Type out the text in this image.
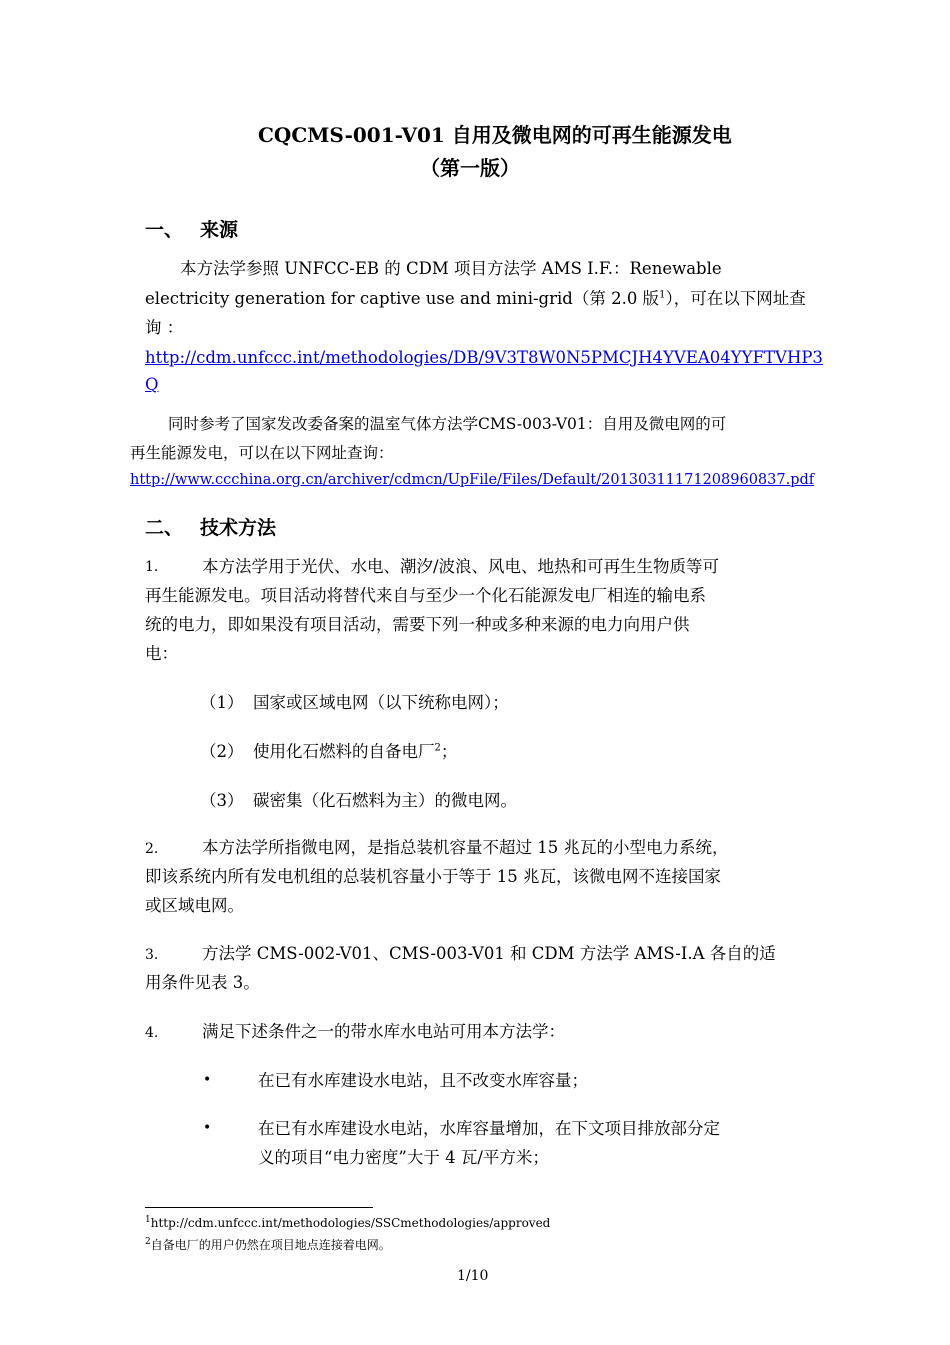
CQCMS-001-V01 自用及微电网的可再生能源发电
（第一版）
一、 来源
本方法学参照 UNFCC-EB 的 CDM 项目方法学 AMS I.F.：Renewable
electricity generation for captive use and mini-grid（第 2.0 版$^1$），可在以下网址查
询 ：
http://cdm.unfccc.int/methodologies/DB/9V3T8W0N5PMCJH4YVEA04YYFTVHP3
Q
同时参考了国家发改委备案的温室气体方法学CMS-003-V01：自用及微电网的可
再生能源发电，可以在以下网址查询：
http://www.ccchina.org.cn/archiver/cdmcn/UpFile/Files/Default/20130311171208960837.pdf
二、 技术方法
1.	本方法学用于光伏、水电、潮汐/波浪、风电、地热和可再生生物质等可
再生能源发电。项目活动将替代来自与至少一个化石能源发电厂相连的输电系
统的电力，即如果没有项目活动，需要下列一种或多种来源的电力向用户供
电：
（1） 国家或区域电网（以下统称电网）；
（2） 使用化石燃料的自备电厂$^2$；
（3） 碳密集（化石燃料为主）的微电网。
2.	本方法学所指微电网，是指总装机容量不超过 15 兆瓦的小型电力系统，
即该系统内所有发电机组的总装机容量小于等于 15 兆瓦，该微电网不连接国家
或区域电网。
3.	方法学 CMS-002-V01、CMS-003-V01 和 CDM 方法学 AMS-I.A 各自的适
用条件见表 3。
4.	满足下述条件之一的带水库水电站可用本方法学：
•	在已有水库建设水电站，且不改变水库容量；
•	在已有水库建设水电站，水库容量增加，在下文项目排放部分定
义的项目“电力密度”大于 4 瓦/平方米；
$^1$http://cdm.unfccc.int/methodologies/SSCmethodologies/approved
$^2$自备电厂的用户仍然在项目地点连接着电网。
1/10
